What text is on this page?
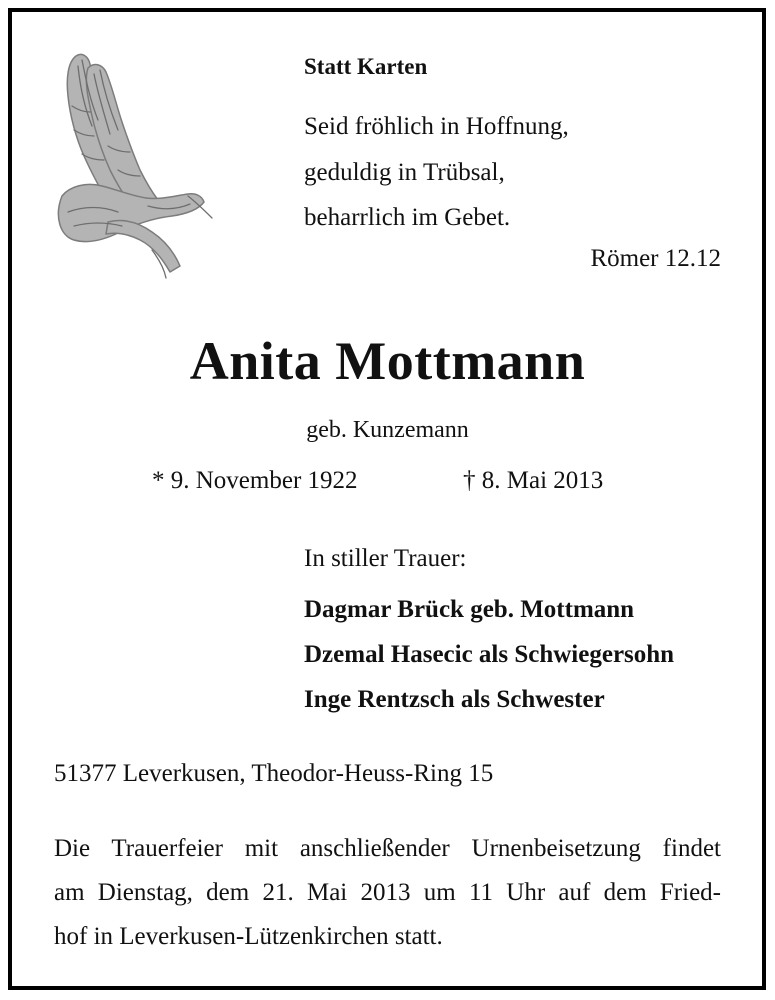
Statt Karten
Seid fröhlich in Hoffnung,
geduldig in Trübsal,
beharrlich im Gebet.
Römer 12.12
Anita Mottmann
geb. Kunzemann
* 9. November 1922	† 8. Mai 2013
In stiller Trauer:
Dagmar Brück geb. Mottmann
Dzemal Hasecic als Schwiegersohn
Inge Rentzsch als Schwester
51377 Leverkusen, Theodor-Heuss-Ring 15
Die Trauerfeier mit anschließender Urnenbeisetzung findet
am Dienstag, dem 21. Mai 2013 um 11 Uhr auf dem Fried-
hof in Leverkusen-Lützenkirchen statt.
